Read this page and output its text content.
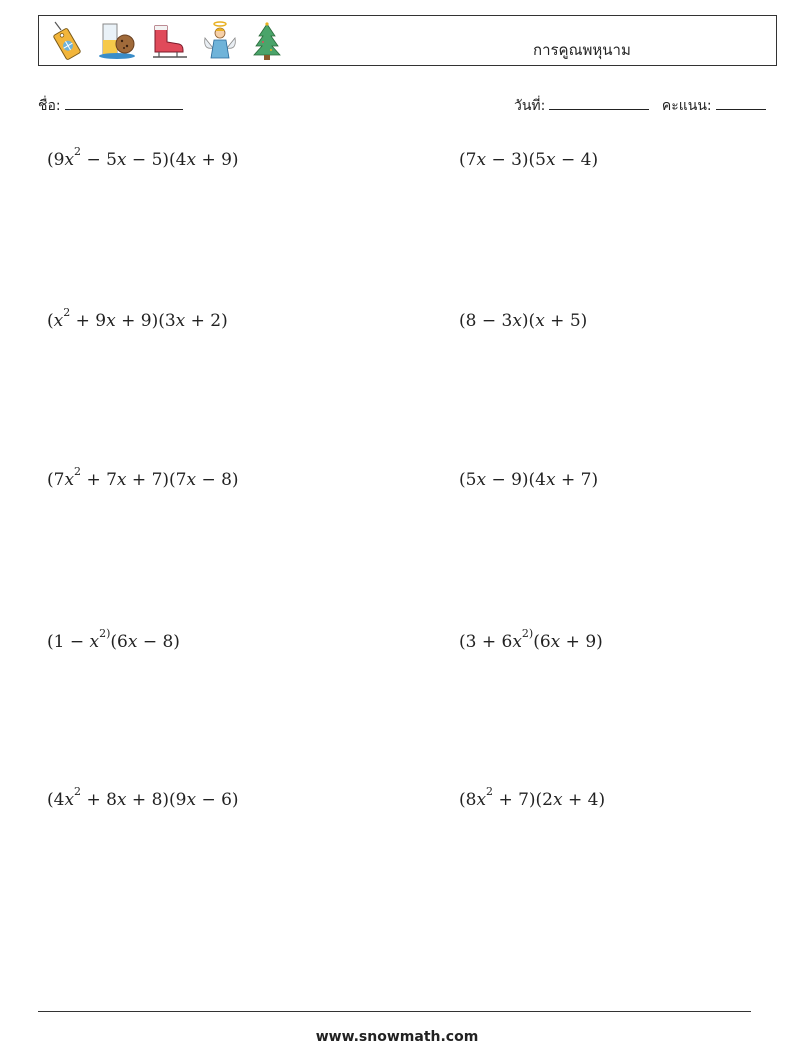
การคูณพหุนาม
ชื่อ:	วันที่:	คะแนน:
$(9x^2 - 5x - 5)(4x + 9)$	(7x − 3)(5x − 4)
$(x^2 + 9x + 9)(3x + 2)$	(8 − 3x)(x + 5)
$(7x^2 + 7x + 7)(7x - 8)$	(5x − 9)(4x + 7)
($1 - x^{2)}(6x - 8)$	($3 + 6x^{2)}(6x + 9)$
$(4x^2 + 8x + 8)(9x - 6)$	$(8x^2 + 7)(2x + 4)$
www.snowmath.com
